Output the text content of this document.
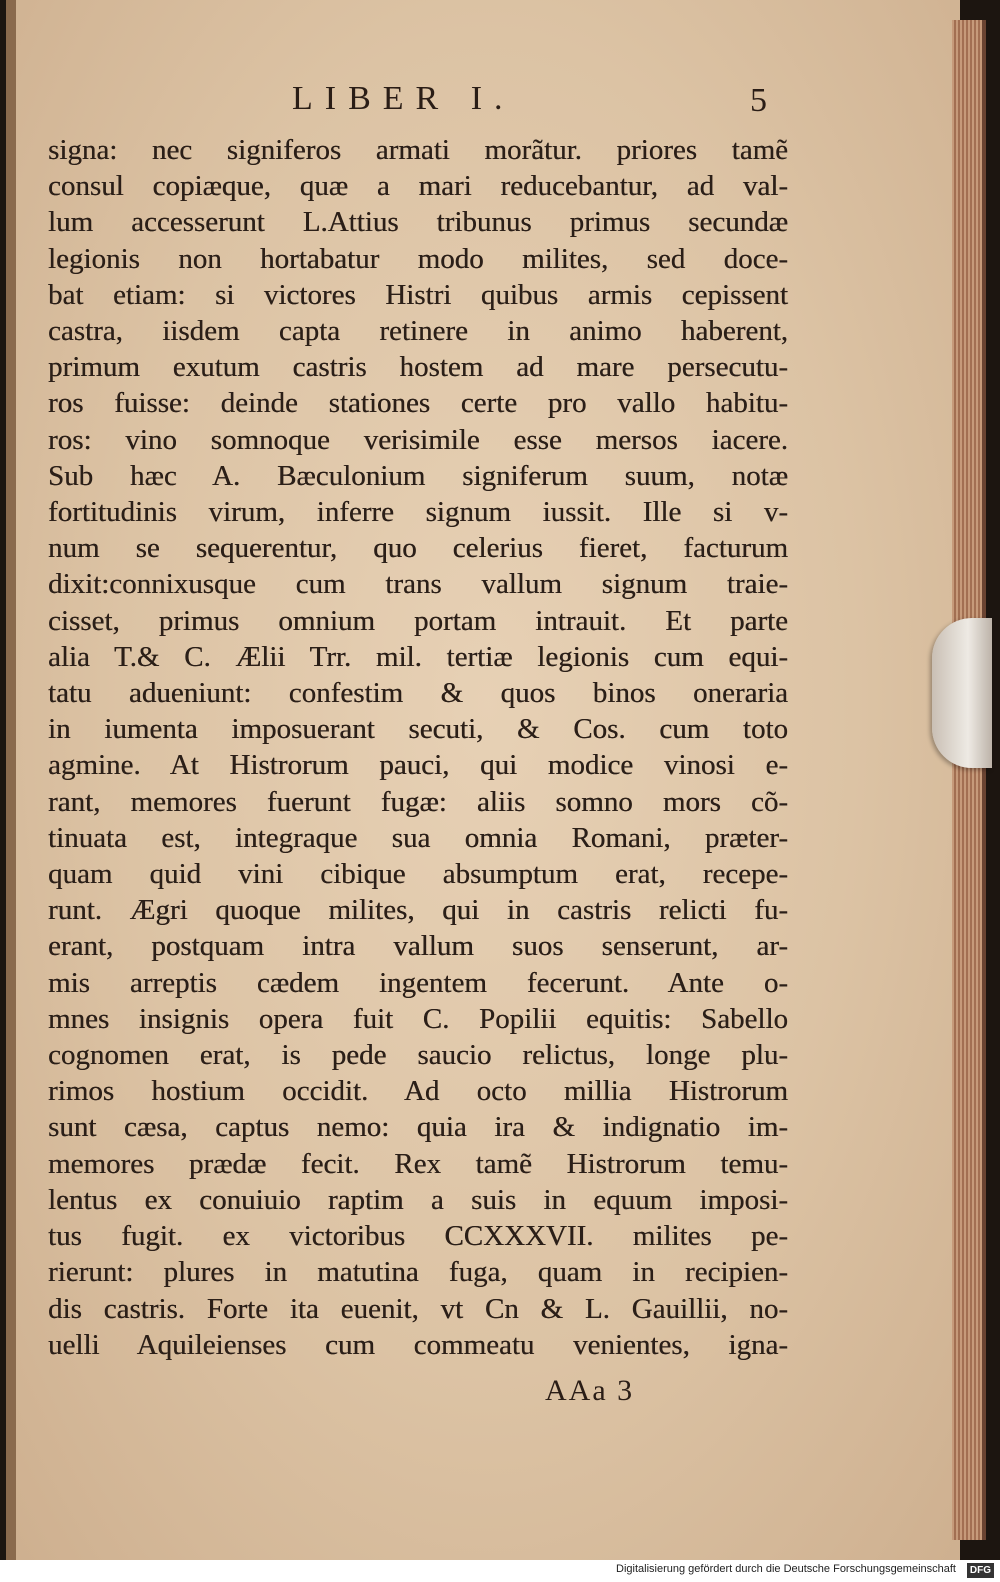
LIBER I.	5
signa: nec signiferos armati morãtur. priores tamẽ
consul copiæque, quæ a mari reducebantur, ad val-
lum accesserunt L.Attius tribunus primus secundæ
legionis non hortabatur modo milites, sed doce-
bat etiam: si victores Histri quibus armis cepissent
castra, iisdem capta retinere in animo haberent,
primum exutum castris hostem ad mare persecutu-
ros fuisse: deinde stationes certe pro vallo habitu-
ros: vino somnoque verisimile esse mersos iacere.
Sub hæc A. Bæculonium signiferum suum, notæ
fortitudinis virum, inferre signum iussit. Ille si v-
num se sequerentur, quo celerius fieret, facturum
dixit:connixusque cum trans vallum signum traie-
cisset, primus omnium portam intrauit. Et parte
alia T.& C. Ælii Trr. mil. tertiæ legionis cum equi-
tatu adueniunt: confestim & quos binos oneraria
in iumenta imposuerant secuti, & Cos. cum toto
agmine. At Histrorum pauci, qui modice vinosi e-
rant, memores fuerunt fugæ: aliis somno mors cõ-
tinuata est, integraque sua omnia Romani, præter-
quam quid vini cibique absumptum erat, recepe-
runt. Ægri quoque milites, qui in castris relicti fu-
erant, postquam intra vallum suos senserunt, ar-
mis arreptis cædem ingentem fecerunt. Ante o-
mnes insignis opera fuit C. Popilii equitis: Sabello
cognomen erat, is pede saucio relictus, longe plu-
rimos hostium occidit. Ad octo millia Histrorum
sunt cæsa, captus nemo: quia ira & indignatio im-
memores prædæ fecit. Rex tamẽ Histrorum temu-
lentus ex conuiuio raptim a suis in equum imposi-
tus fugit. ex victoribus CCXXXVII. milites pe-
rierunt: plures in matutina fuga, quam in recipien-
dis castris. Forte ita euenit, vt Cn & L. Gauillii, no-
uelli Aquileienses cum commeatu venientes, igna-
AAa 3
Digitalisierung gefördert durch die Deutsche Forschungsgemeinschaft	DFG
